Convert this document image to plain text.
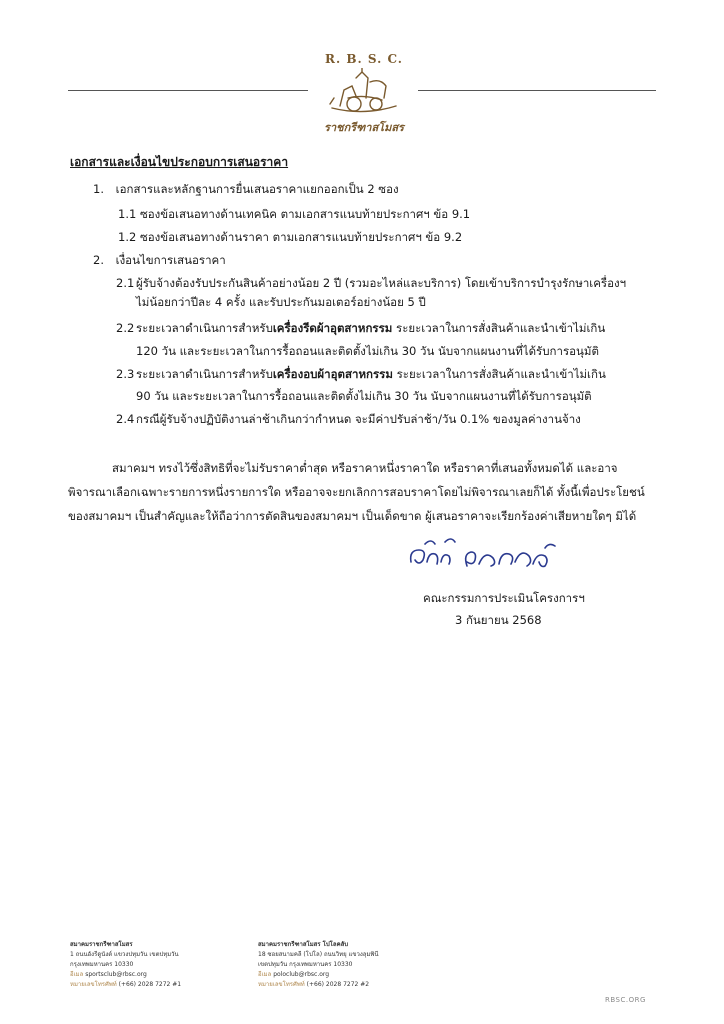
R. B. S. C.
ราชกรีฑาสโมสร
เอกสารและเงื่อนไขประกอบการเสนอราคา
1. เอกสารและหลักฐานการยื่นเสนอราคาแยกออกเป็น 2 ซอง
1.1 ซองข้อเสนอทางด้านเทคนิค ตามเอกสารแนบท้ายประกาศฯ ข้อ 9.1
1.2 ซองข้อเสนอทางด้านราคา ตามเอกสารแนบท้ายประกาศฯ ข้อ 9.2
2. เงื่อนไขการเสนอราคา
2.1 ผู้รับจ้างต้องรับประกันสินค้าอย่างน้อย 2 ปี (รวมอะไหล่และบริการ) โดยเข้าบริการบำรุงรักษาเครื่องฯ
ไม่น้อยกว่าปีละ 4 ครั้ง และรับประกันมอเตอร์อย่างน้อย 5 ปี
2.2 ระยะเวลาดำเนินการสำหรับเครื่องรีดผ้าอุตสาหกรรม ระยะเวลาในการสั่งสินค้าและนำเข้าไม่เกิน
120 วัน และระยะเวลาในการรื้อถอนและติดตั้งไม่เกิน 30 วัน นับจากแผนงานที่ได้รับการอนุมัติ
2.3 ระยะเวลาดำเนินการสำหรับเครื่องอบผ้าอุตสาหกรรม ระยะเวลาในการสั่งสินค้าและนำเข้าไม่เกิน
90 วัน และระยะเวลาในการรื้อถอนและติดตั้งไม่เกิน 30 วัน นับจากแผนงานที่ได้รับการอนุมัติ
2.4 กรณีผู้รับจ้างปฏิบัติงานล่าช้าเกินกว่ากำหนด จะมีค่าปรับล่าช้า/วัน 0.1% ของมูลค่างานจ้าง
สมาคมฯ ทรงไว้ซึ่งสิทธิที่จะไม่รับราคาต่ำสุด หรือราคาหนึ่งราคาใด หรือราคาที่เสนอทั้งหมดได้ และอาจ
พิจารณาเลือกเฉพาะรายการหนึ่งรายการใด หรืออาจจะยกเลิกการสอบราคาโดยไม่พิจารณาเลยก็ได้ ทั้งนี้เพื่อประโยชน์
ของสมาคมฯ เป็นสำคัญและให้ถือว่าการตัดสินของสมาคมฯ เป็นเด็ดขาด ผู้เสนอราคาจะเรียกร้องค่าเสียหายใดๆ มิได้
คณะกรรมการประเมินโครงการฯ
3 กันยายน 2568
สมาคมราชกรีฑาสโมสร
1 ถนนอังรีดูนังต์ แขวงปทุมวัน เขตปทุมวัน
กรุงเทพมหานคร 10330
อีเมล sportsclub@rbsc.org
หมายเลขโทรศัพท์ (+66) 2028 7272 #1
สมาคมราชกรีฑาสโมสร โปโลคลับ
18 ซอยสนามคลี (โปโล) ถนนวิทยุ แขวงลุมพินี
เขตปทุมวัน กรุงเทพมหานคร 10330
อีเมล poloclub@rbsc.org
หมายเลขโทรศัพท์ (+66) 2028 7272 #2
RBSC.ORG
